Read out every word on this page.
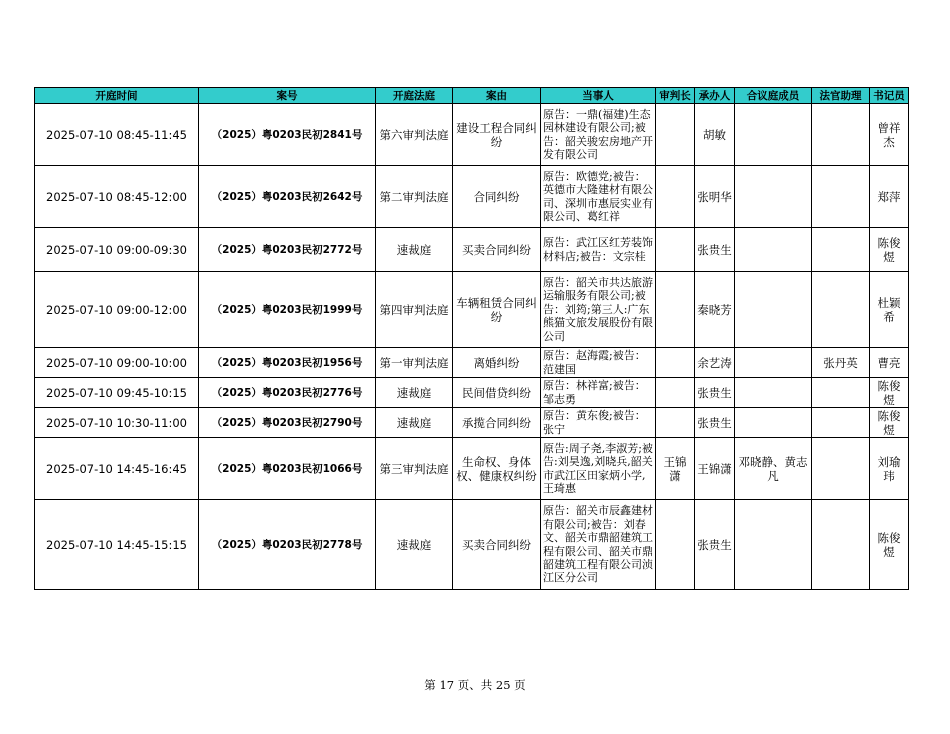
开庭时间	案号	开庭法庭	案由	当事人	审判长	承办人	合议庭成员	法官助理	书记员
2025-07-10 08:45-11:45	（2025）粤0203民初2841号	第六审判法庭	建设工程合同纠纷	原告：一鼎(福建)生态园林建设有限公司;被告：韶关骏宏房地产开发有限公司		胡敏			曾祥杰
2025-07-10 08:45-12:00	（2025）粤0203民初2642号	第二审判法庭	合同纠纷	原告：欧德党;被告：英德市大隆建材有限公司、深圳市惠辰实业有限公司、葛红祥		张明华			郑萍
2025-07-10 09:00-09:30	（2025）粤0203民初2772号	速裁庭	买卖合同纠纷	原告：武江区红芳装饰材料店;被告：文宗桂		张贵生			陈俊煜
2025-07-10 09:00-12:00	（2025）粤0203民初1999号	第四审判法庭	车辆租赁合同纠纷	原告：韶关市共达旅游运输服务有限公司;被告：刘筠;第三人:广东熊猫文旅发展股份有限公司		秦晓芳			杜颖希
2025-07-10 09:00-10:00	（2025）粤0203民初1956号	第一审判法庭	离婚纠纷	原告：赵海霞;被告：范建国		余艺涛		张丹英	曹亮
2025-07-10 09:45-10:15	（2025）粤0203民初2776号	速裁庭	民间借贷纠纷	原告：林祥富;被告：邹志勇		张贵生			陈俊煜
2025-07-10 10:30-11:00	（2025）粤0203民初2790号	速裁庭	承揽合同纠纷	原告：黄东俊;被告：张宁		张贵生			陈俊煜
2025-07-10 14:45-16:45	（2025）粤0203民初1066号	第三审判法庭	生命权、身体权、健康权纠纷	原告:周子尧,李淑芳;被告:刘昊逸,刘晓兵,韶关市武江区田家炳小学,王琦惠	王锦潇	王锦潇	邓晓静、黄志凡		刘瑜玮
2025-07-10 14:45-15:15	（2025）粤0203民初2778号	速裁庭	买卖合同纠纷	原告：韶关市辰鑫建材有限公司;被告：刘春文、韶关市鼎韶建筑工程有限公司、韶关市鼎韶建筑工程有限公司浈江区分公司		张贵生			陈俊煜
第 17 页、共 25 页
